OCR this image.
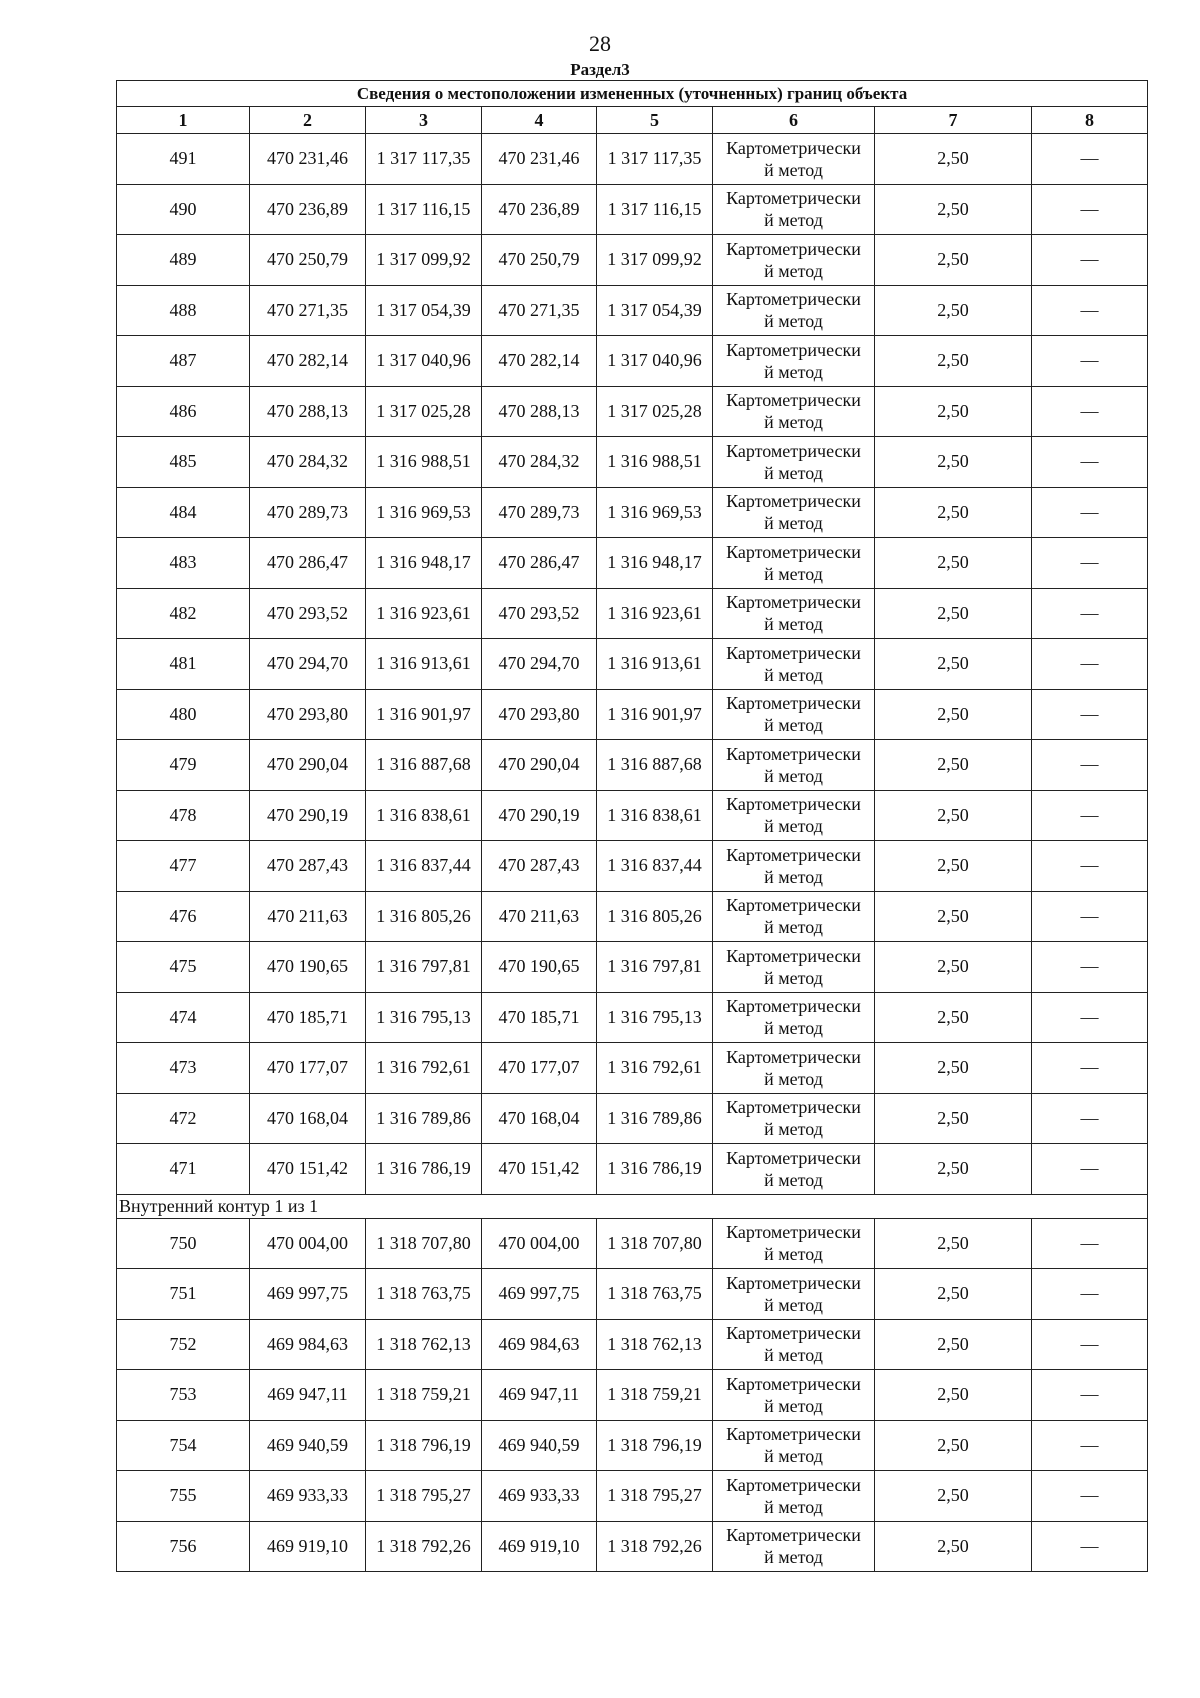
28
Раздел3
Сведения о местоположении измененных (уточненных) границ объекта							
1	2	3	4	5	6	7	8
491	470 231,46	1 317 117,35	470 231,46	1 317 117,35	Картометрически
й метод	2,50	—
490	470 236,89	1 317 116,15	470 236,89	1 317 116,15	Картометрически
й метод	2,50	—
489	470 250,79	1 317 099,92	470 250,79	1 317 099,92	Картометрически
й метод	2,50	—
488	470 271,35	1 317 054,39	470 271,35	1 317 054,39	Картометрически
й метод	2,50	—
487	470 282,14	1 317 040,96	470 282,14	1 317 040,96	Картометрически
й метод	2,50	—
486	470 288,13	1 317 025,28	470 288,13	1 317 025,28	Картометрически
й метод	2,50	—
485	470 284,32	1 316 988,51	470 284,32	1 316 988,51	Картометрически
й метод	2,50	—
484	470 289,73	1 316 969,53	470 289,73	1 316 969,53	Картометрически
й метод	2,50	—
483	470 286,47	1 316 948,17	470 286,47	1 316 948,17	Картометрически
й метод	2,50	—
482	470 293,52	1 316 923,61	470 293,52	1 316 923,61	Картометрически
й метод	2,50	—
481	470 294,70	1 316 913,61	470 294,70	1 316 913,61	Картометрически
й метод	2,50	—
480	470 293,80	1 316 901,97	470 293,80	1 316 901,97	Картометрически
й метод	2,50	—
479	470 290,04	1 316 887,68	470 290,04	1 316 887,68	Картометрически
й метод	2,50	—
478	470 290,19	1 316 838,61	470 290,19	1 316 838,61	Картометрически
й метод	2,50	—
477	470 287,43	1 316 837,44	470 287,43	1 316 837,44	Картометрически
й метод	2,50	—
476	470 211,63	1 316 805,26	470 211,63	1 316 805,26	Картометрически
й метод	2,50	—
475	470 190,65	1 316 797,81	470 190,65	1 316 797,81	Картометрически
й метод	2,50	—
474	470 185,71	1 316 795,13	470 185,71	1 316 795,13	Картометрически
й метод	2,50	—
473	470 177,07	1 316 792,61	470 177,07	1 316 792,61	Картометрически
й метод	2,50	—
472	470 168,04	1 316 789,86	470 168,04	1 316 789,86	Картометрически
й метод	2,50	—
471	470 151,42	1 316 786,19	470 151,42	1 316 786,19	Картометрически
й метод	2,50	—
Внутренний контур 1 из 1							
750	470 004,00	1 318 707,80	470 004,00	1 318 707,80	Картометрически
й метод	2,50	—
751	469 997,75	1 318 763,75	469 997,75	1 318 763,75	Картометрически
й метод	2,50	—
752	469 984,63	1 318 762,13	469 984,63	1 318 762,13	Картометрически
й метод	2,50	—
753	469 947,11	1 318 759,21	469 947,11	1 318 759,21	Картометрически
й метод	2,50	—
754	469 940,59	1 318 796,19	469 940,59	1 318 796,19	Картометрически
й метод	2,50	—
755	469 933,33	1 318 795,27	469 933,33	1 318 795,27	Картометрически
й метод	2,50	—
756	469 919,10	1 318 792,26	469 919,10	1 318 792,26	Картометрически
й метод	2,50	—
